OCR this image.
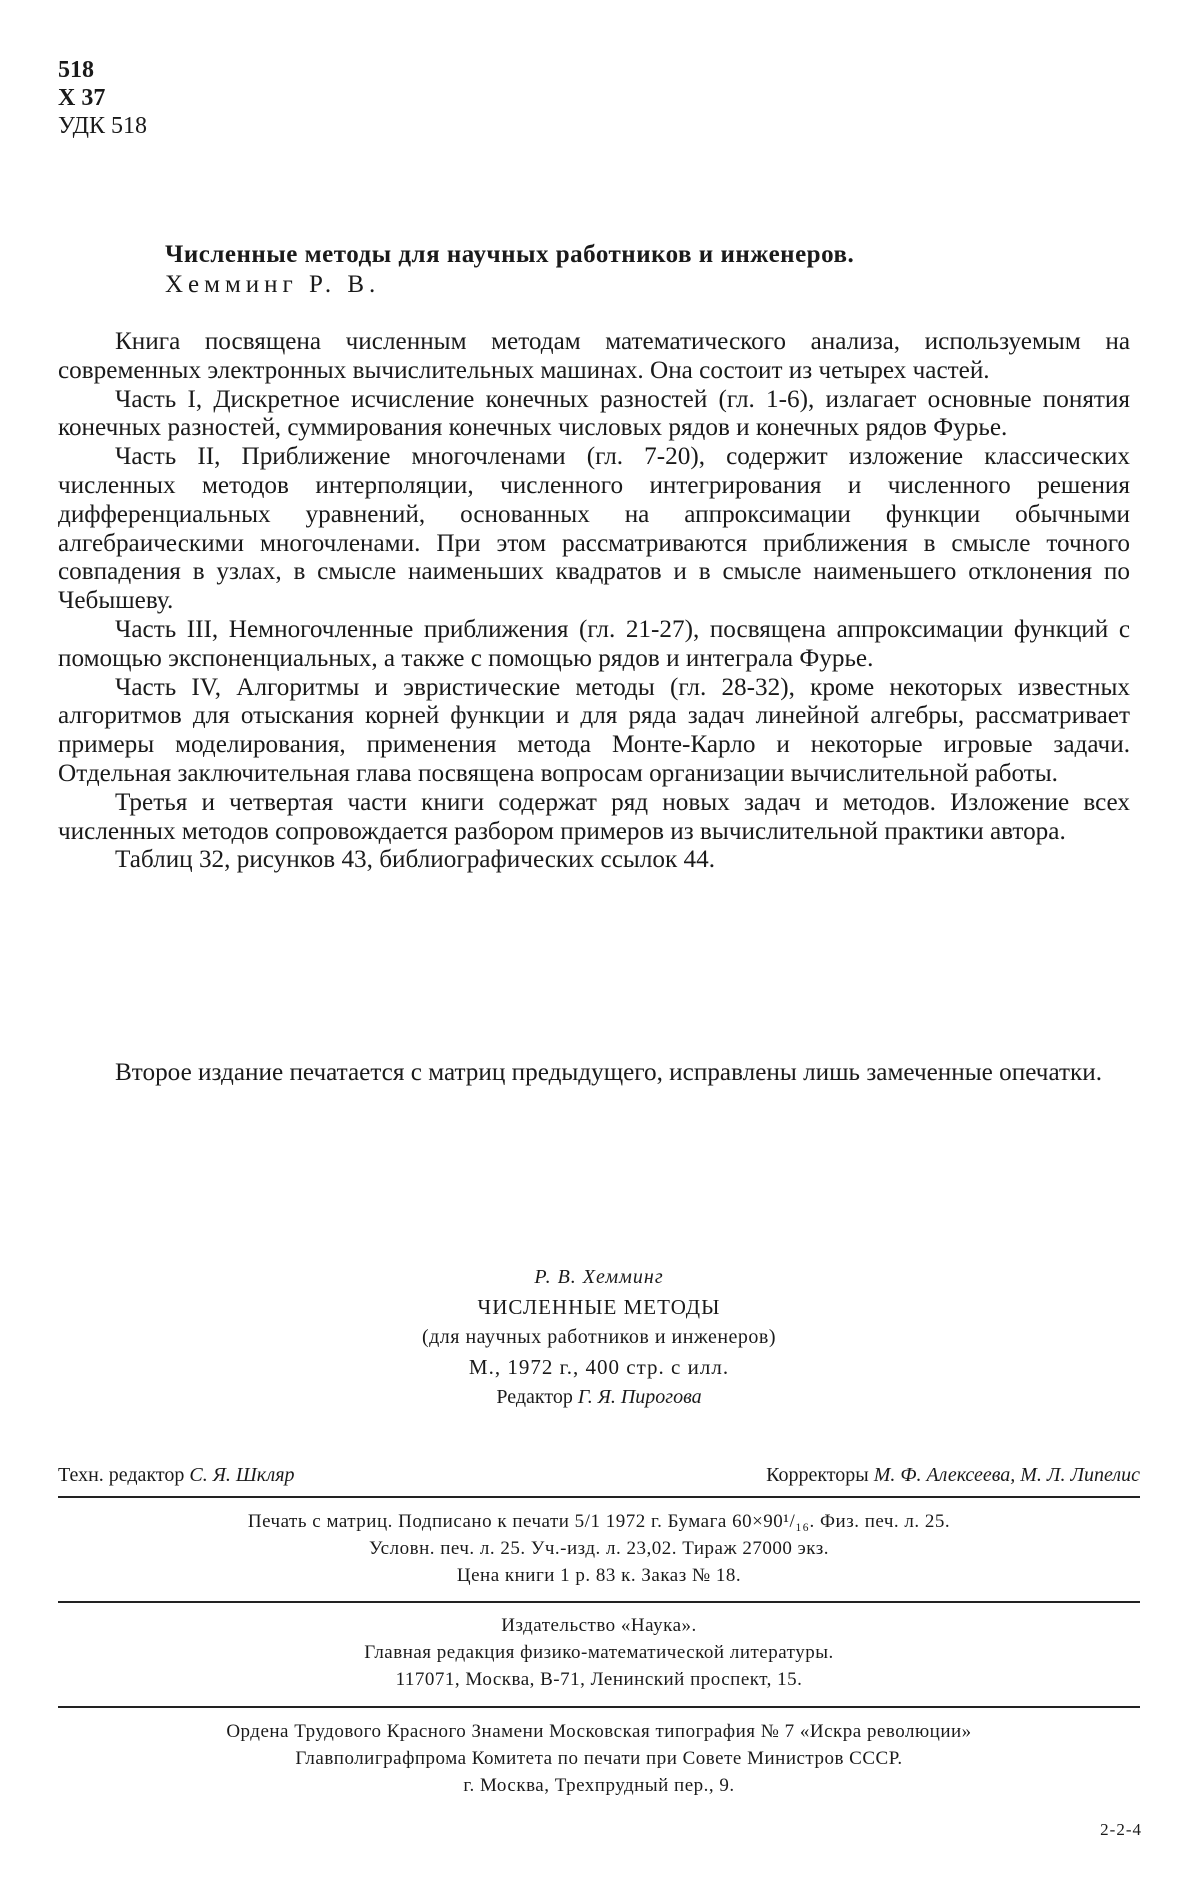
518
Х 37
УДК 518
Численные методы для научных работников и инженеров.
Хемминг Р. В.

Книга посвящена численным методам математического анализа, используемым на современных электронных вычислительных машинах. Она состоит из четырех частей.

Часть I, Дискретное исчисление конечных разностей (гл. 1-6), излагает основные понятия конечных разностей, суммирования конечных числовых рядов и конечных рядов Фурье.

Часть II, Приближение многочленами (гл. 7-20), содержит изложение классических численных методов интерполяции, численного интегрирования и численного решения дифференциальных уравнений, основанных на аппроксимации функции обычными алгебраическими многочленами. При этом рассматриваются приближения в смысле точного совпадения в узлах, в смысле наименьших квадратов и в смысле наименьшего отклонения по Чебышеву.

Часть III, Немногочленные приближения (гл. 21-27), посвящена аппроксимации функций с помощью экспоненциальных, а также с помощью рядов и интеграла Фурье.

Часть IV, Алгоритмы и эвристические методы (гл. 28-32), кроме некоторых известных алгоритмов для отыскания корней функции и для ряда задач линейной алгебры, рассматривает примеры моделирования, применения метода Монте-Карло и некоторые игровые задачи. Отдельная заключительная глава посвящена вопросам организации вычислительной работы.

Третья и четвертая части книги содержат ряд новых задач и методов. Изложение всех численных методов сопровождается разбором примеров из вычислительной практики автора.

Таблиц 32, рисунков 43, библиографических ссылок 44.

Второе издание печатается с матриц предыдущего, исправлены лишь замеченные опечатки.

Р. В. Хемминг
ЧИСЛЕННЫЕ МЕТОДЫ
(для научных работников и инженеров)
М., 1972 г., 400 стр. с илл.
Редактор Г. Я. Пирогова
Техн. редактор С. Я. Шкляр	Корректоры М. Ф. Алексеева, М. Л. Липелис
Печать с матриц. Подписано к печати 5/1 1972 г. Бумага 60×90¹/₁₆. Физ. печ. л. 25.
Условн. печ. л. 25. Уч.-изд. л. 23,02. Тираж 27000 экз.
Цена книги 1 р. 83 к. Заказ № 18.
Издательство «Наука».
Главная редакция физико-математической литературы.
117071, Москва, В-71, Ленинский проспект, 15.
Ордена Трудового Красного Знамени Московская типография № 7 «Искра революции»
Главполиграфпрома Комитета по печати при Совете Министров СССР.
г. Москва, Трехпрудный пер., 9.
2-2-4
